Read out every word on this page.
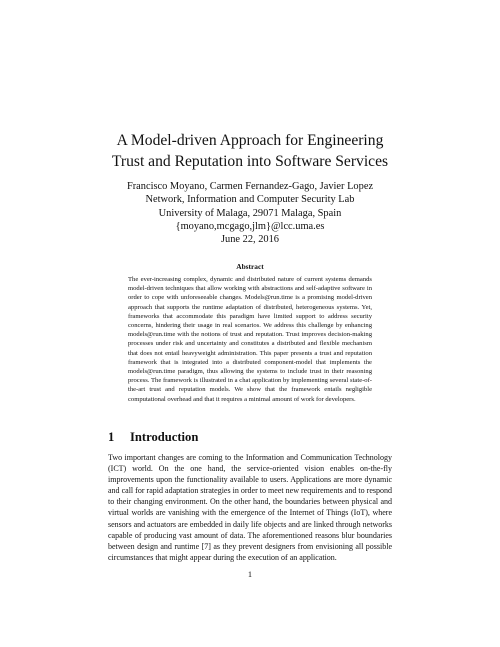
A Model-driven Approach for Engineering
Trust and Reputation into Software Services
Francisco Moyano, Carmen Fernandez-Gago, Javier Lopez
Network, Information and Computer Security Lab
University of Malaga, 29071 Malaga, Spain
{moyano,mcgago,jlm}@lcc.uma.es
June 22, 2016
Abstract

The ever-increasing complex, dynamic and distributed nature of current systems demands model-driven techniques that allow working with abstractions and self-adaptive software in order to cope with unforeseeable changes. Models@run.time is a promising model-driven approach that supports the runtime adaptation of distributed, heterogeneous systems. Yet, frameworks that accommodate this paradigm have limited support to address security concerns, hindering their usage in real scenarios. We address this challenge by enhancing models@run.time with the notions of trust and reputation. Trust improves decision-making processes under risk and uncertainty and constitutes a distributed and flexible mechanism that does not entail heavyweight administration. This paper presents a trust and reputation framework that is integrated into a distributed component-model that implements the models@run.time paradigm, thus allowing the systems to include trust in their reasoning process. The framework is illustrated in a chat application by implementing several state-of-the-art trust and reputation models. We show that the framework entails negligible computational overhead and that it requires a minimal amount of work for developers.

1 Introduction

Two important changes are coming to the Information and Communication Technology (ICT) world. On the one hand, the service-oriented vision enables on-the-fly improvements upon the functionality available to users. Applications are more dynamic and call for rapid adaptation strategies in order to meet new requirements and to respond to their changing environment. On the other hand, the boundaries between physical and virtual worlds are vanishing with the emergence of the Internet of Things (IoT), where sensors and actuators are embedded in daily life objects and are linked through networks capable of producing vast amount of data. The aforementioned reasons blur boundaries between design and runtime [7] as they prevent designers from envisioning all possible circumstances that might appear during the execution of an application.

1
